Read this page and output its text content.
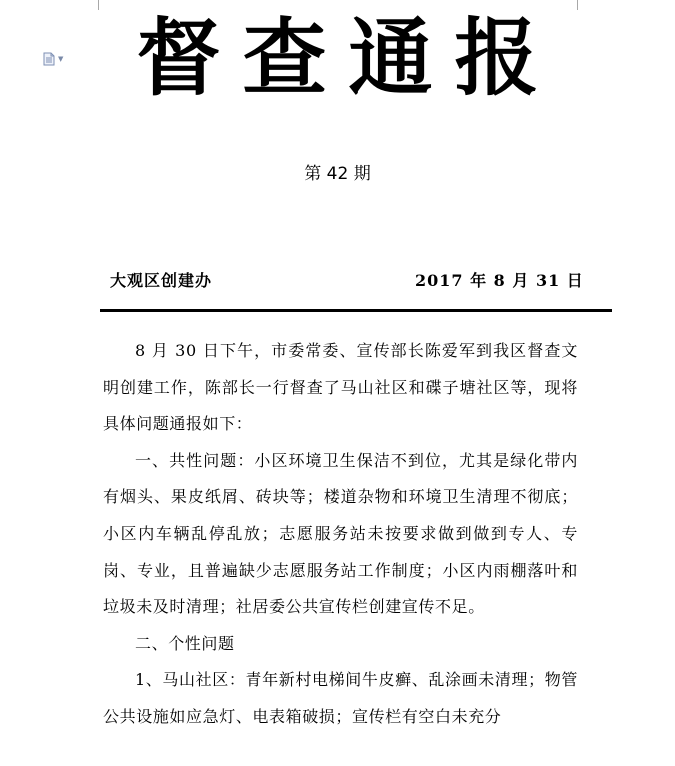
▼ 督查通报
第 42 期
大观区创建办	2017 年 8 月 31 日

8 月 30 日下午，市委常委、宣传部长陈爱军到我区督查文明创建工作，陈部长一行督查了马山社区和碟子塘社区等，现将具体问题通报如下：

一、共性问题：小区环境卫生保洁不到位，尤其是绿化带内有烟头、果皮纸屑、砖块等；楼道杂物和环境卫生清理不彻底；小区内车辆乱停乱放；志愿服务站未按要求做到做到专人、专岗、专业，且普遍缺少志愿服务站工作制度；小区内雨棚落叶和垃圾未及时清理；社居委公共宣传栏创建宣传不足。

二、个性问题

1、马山社区：青年新村电梯间牛皮癣、乱涂画未清理；物管公共设施如应急灯、电表箱破损；宣传栏有空白未充分
